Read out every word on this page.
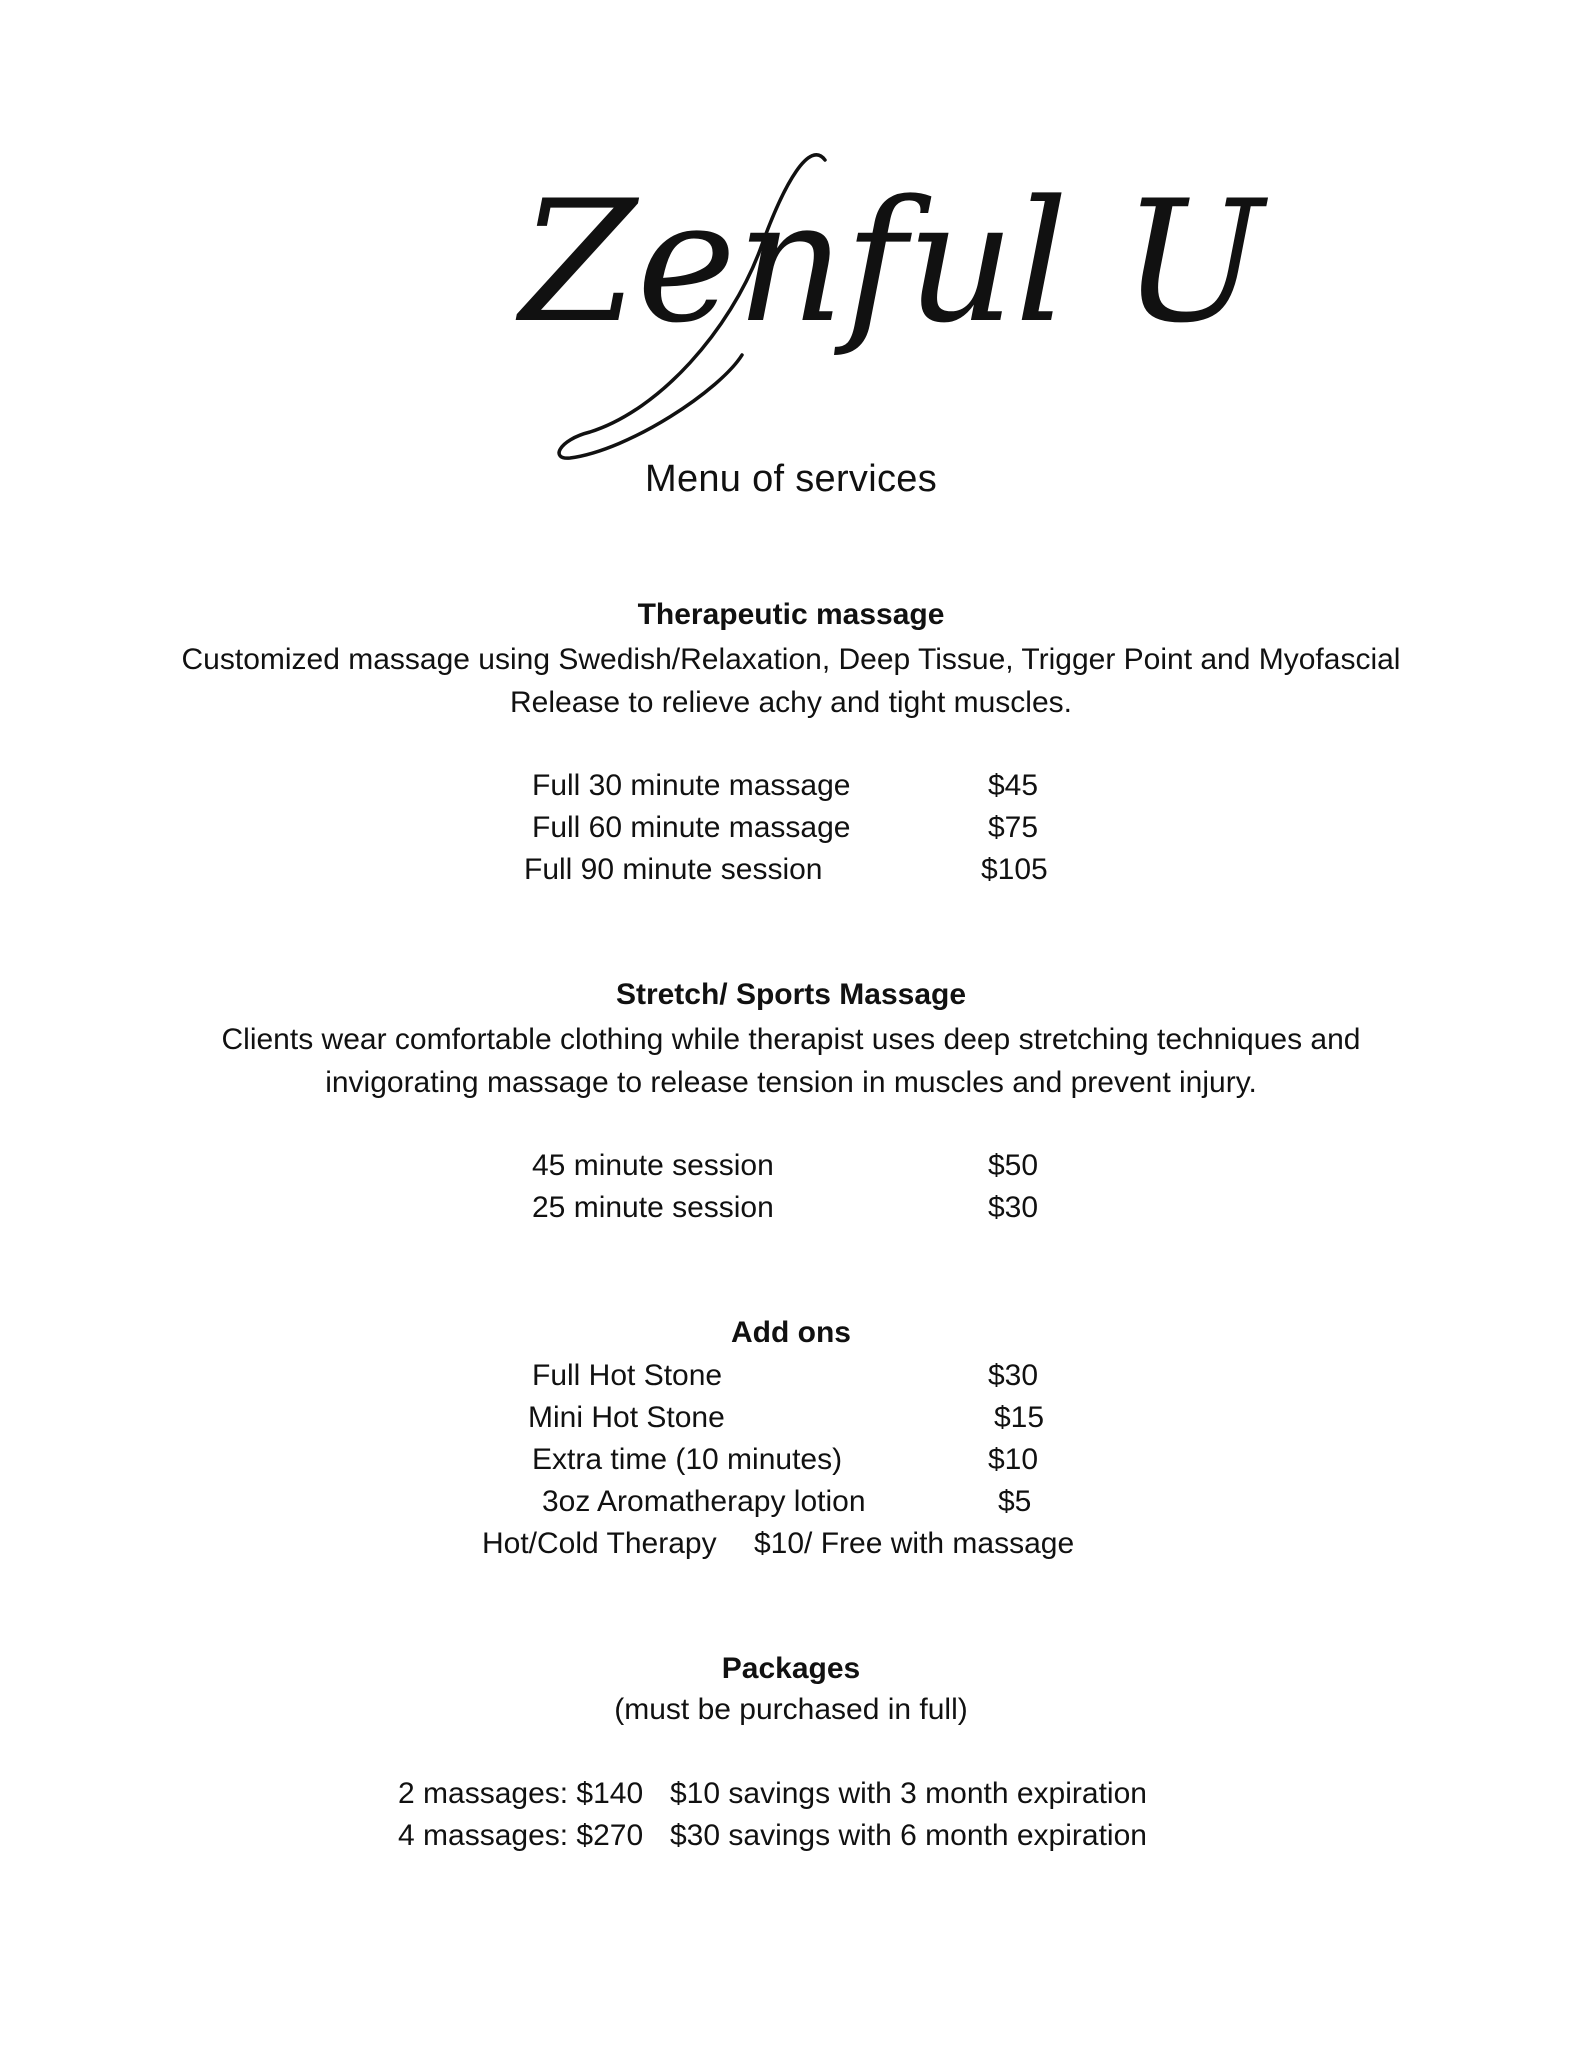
Zenful U
Menu of services
Therapeutic massage
Customized massage using Swedish/Relaxation, Deep Tissue, Trigger Point and Myofascial
Release to relieve achy and tight muscles.
Full 30 minute massage	$45
Full 60 minute massage	$75
Full 90 minute session	$105
Stretch/ Sports Massage
Clients wear comfortable clothing while therapist uses deep stretching techniques and
invigorating massage to release tension in muscles and prevent injury.
45 minute session	$50
25 minute session	$30
Add ons
Full Hot Stone	$30
Mini Hot Stone	$15
Extra time (10 minutes)	$10
3oz Aromatherapy lotion	$5
Hot/Cold Therapy $10/ Free with massage
Packages
(must be purchased in full)
2 massages: $140 $10 savings with 3 month expiration
4 massages: $270 $30 savings with 6 month expiration
